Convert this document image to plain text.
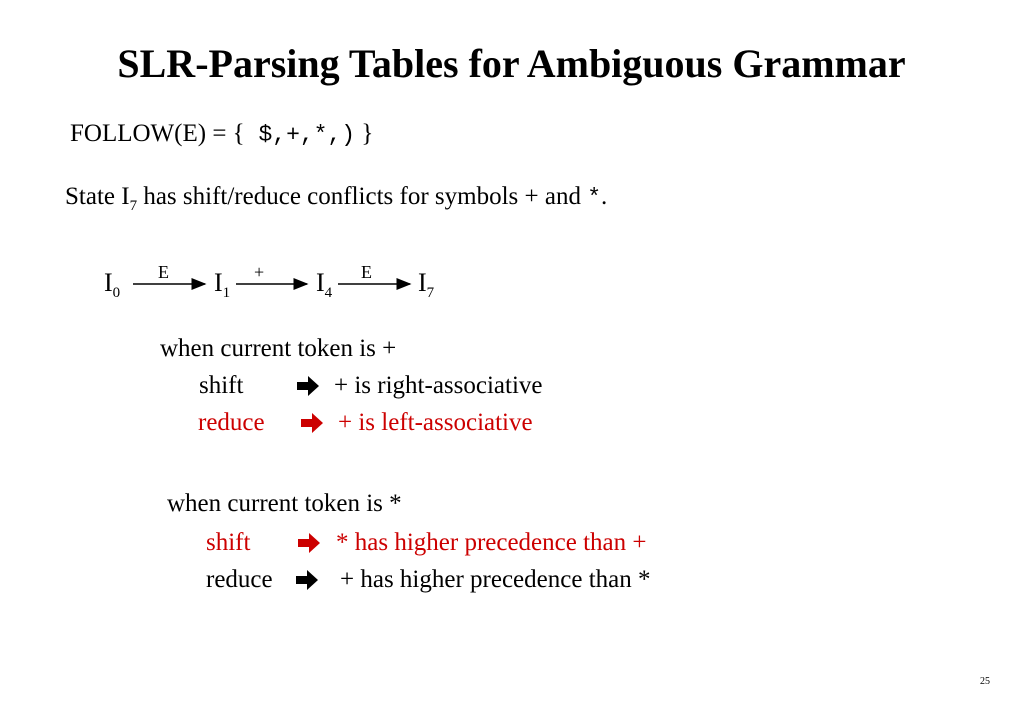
SLR-Parsing Tables for Ambiguous Grammar
FOLLOW(E) = { $,+,*,) }
State $I_7$ has shift/reduce conflicts for symbols + and *.
$I_0$	$I_1$	$I_4$	$I_7$
E	+	E
when current token is +
shift	+ is right-associative
reduce	+ is left-associative
when current token is *
shift	* has higher precedence than +
reduce	+ has higher precedence than *
25
